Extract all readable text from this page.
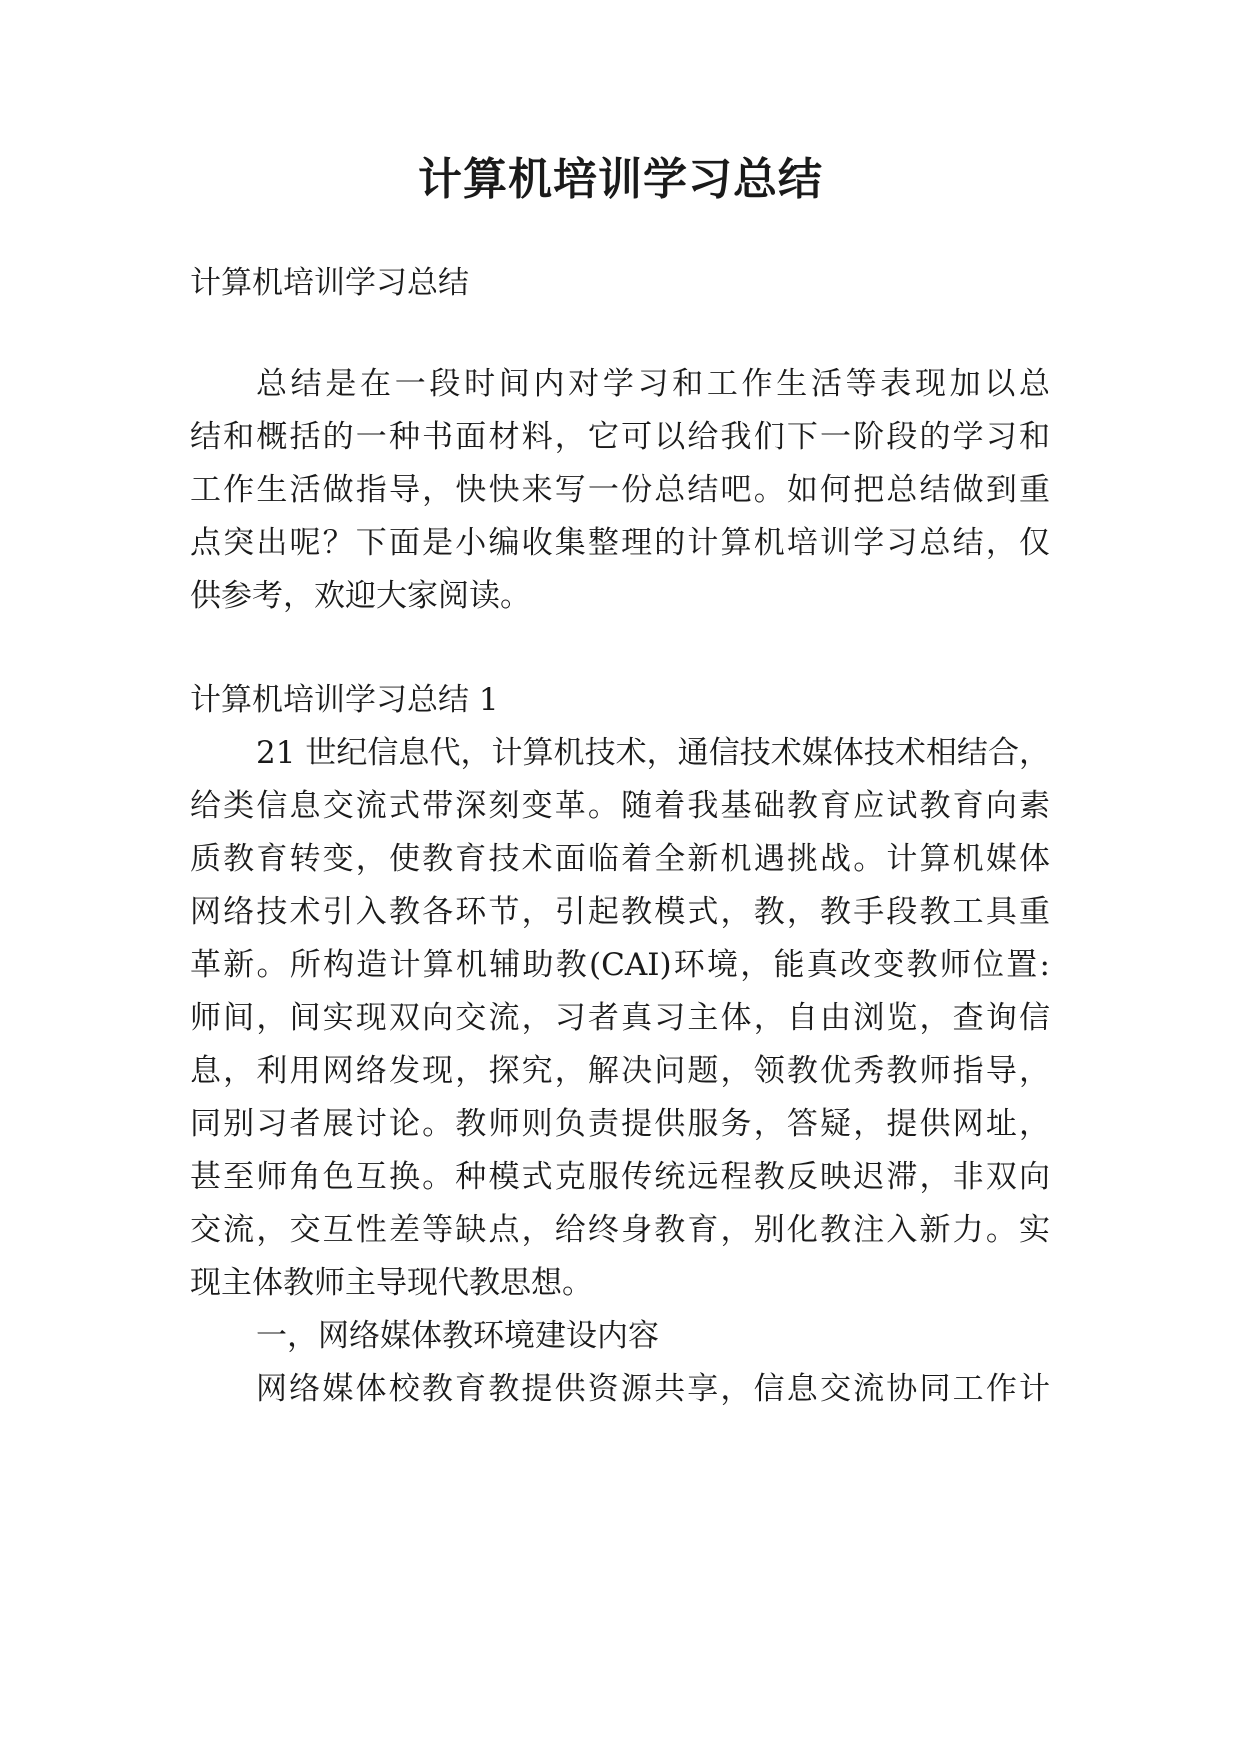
计算机培训学习总结
计算机培训学习总结
总结是在一段时间内对学习和工作生活等表现加以总
结和概括的一种书面材料，它可以给我们下一阶段的学习和
工作生活做指导，快快来写一份总结吧。如何把总结做到重
点突出呢？下面是小编收集整理的计算机培训学习总结，仅
供参考，欢迎大家阅读。
计算机培训学习总结 1
21 世纪信息代，计算机技术，通信技术媒体技术相结合，
给类信息交流式带深刻变革。随着我基础教育应试教育向素
质教育转变，使教育技术面临着全新机遇挑战。计算机媒体
网络技术引入教各环节，引起教模式，教，教手段教工具重
革新。所构造计算机辅助教(CAI)环境，能真改变教师位置:
师间，间实现双向交流，习者真习主体，自由浏览，查询信
息，利用网络发现，探究，解决问题，领教优秀教师指导，
同别习者展讨论。教师则负责提供服务，答疑，提供网址，
甚至师角色互换。种模式克服传统远程教反映迟滞，非双向
交流，交互性差等缺点，给终身教育，别化教注入新力。实
现主体教师主导现代教思想。
一，网络媒体教环境建设内容
网络媒体校教育教提供资源共享，信息交流协同工作计
